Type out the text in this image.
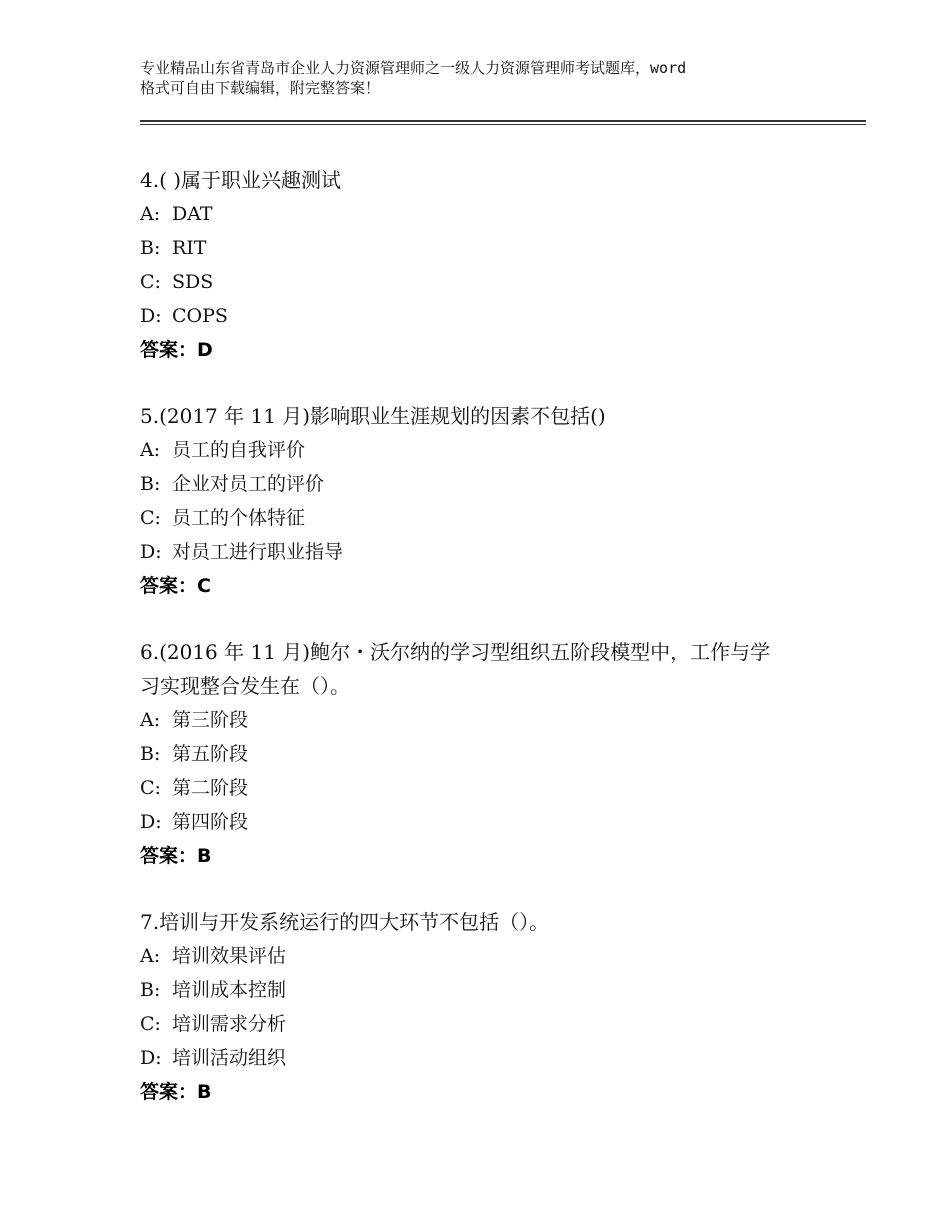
专业精品山东省青岛市企业人力资源管理师之一级人力资源管理师考试题库，word
格式可自由下载编辑，附完整答案！
4.( )属于职业兴趣测试
A: DAT
B: RIT
C: SDS
D: COPS
答案：D
5.(2017 年 11 月)影响职业生涯规划的因素不包括()
A: 员工的自我评价
B: 企业对员工的评价
C: 员工的个体特征
D: 对员工进行职业指导
答案：C
6.(2016 年 11 月)鲍尔・沃尔纳的学习型组织五阶段模型中，工作与学
习实现整合发生在（）。
A: 第三阶段
B: 第五阶段
C: 第二阶段
D: 第四阶段
答案：B
7.培训与开发系统运行的四大环节不包括（）。
A: 培训效果评估
B: 培训成本控制
C: 培训需求分析
D: 培训活动组织
答案：B
